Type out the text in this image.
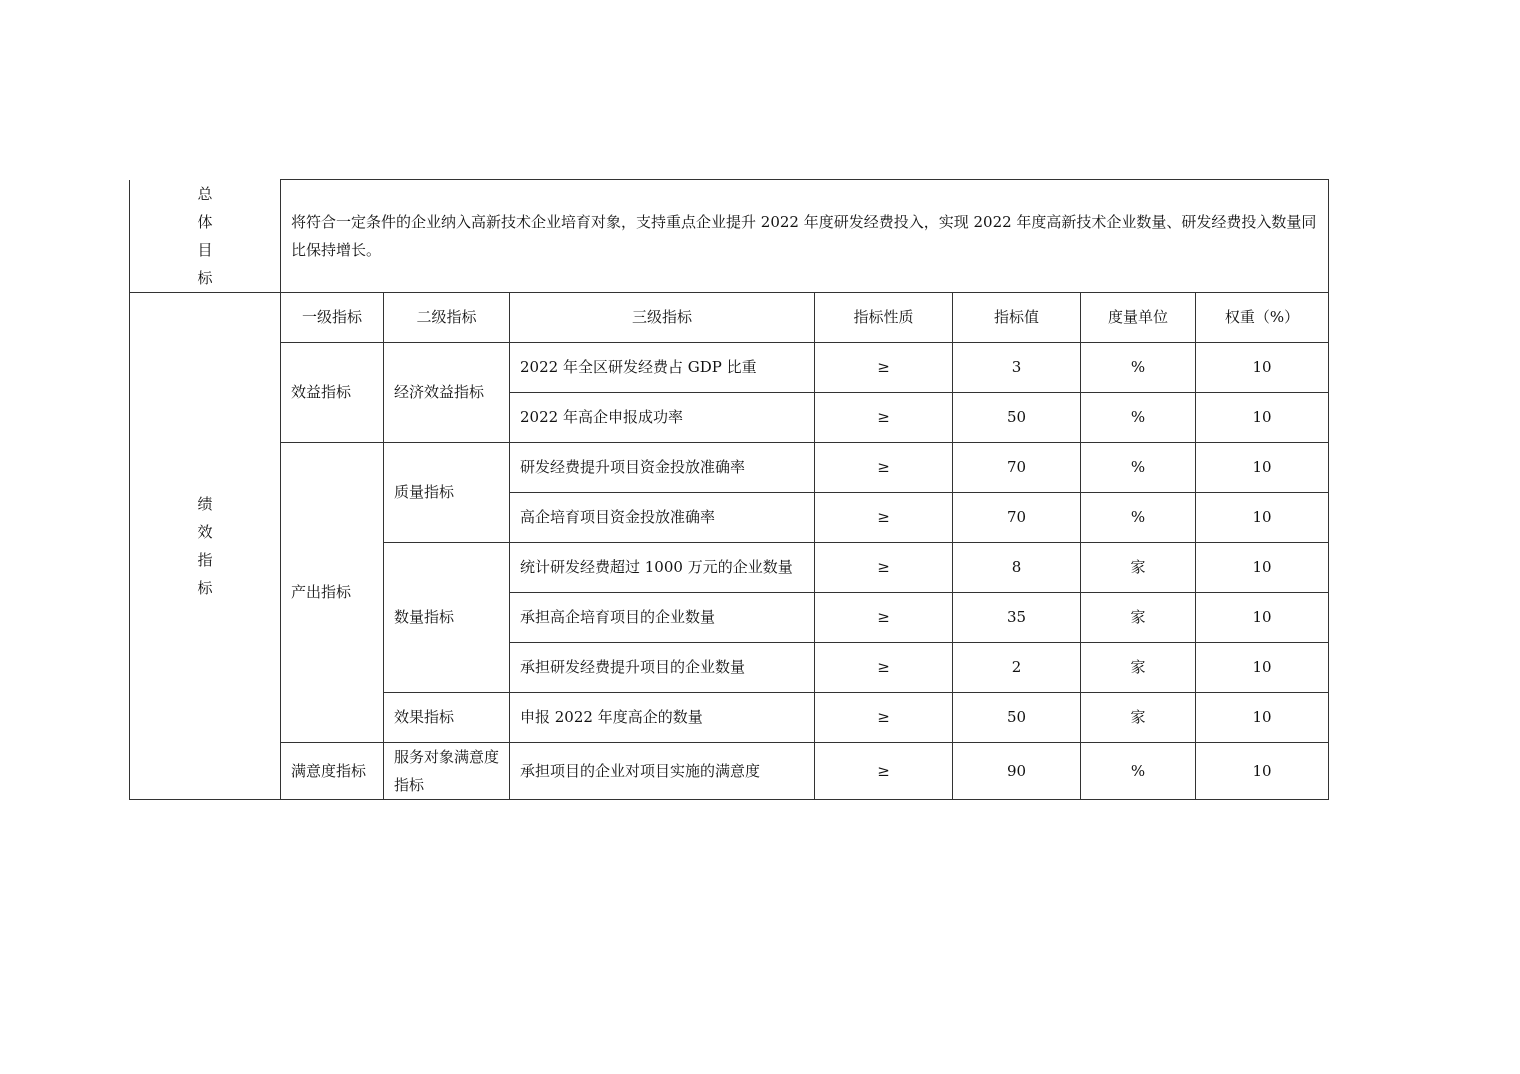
总
体
目
标	将符合一定条件的企业纳入高新技术企业培育对象，支持重点企业提升 2022 年度研发经费投入，实现 2022 年度高新技术企业数量、研发经费投入数量同比保持增长。						

绩
效
指
标	一级指标	二级指标	三级指标	指标性质	指标值	度量单位	权重（%）
	效益指标	经济效益指标	2022 年全区研发经费占 GDP 比重	≥	3	%	10
			2022 年高企申报成功率	≥	50	%	10
	产出指标	质量指标	研发经费提升项目资金投放准确率	≥	70	%	10
			高企培育项目资金投放准确率	≥	70	%	10
		数量指标	统计研发经费超过 1000 万元的企业数量	≥	8	家	10
			承担高企培育项目的企业数量	≥	35	家	10
			承担研发经费提升项目的企业数量	≥	2	家	10
		效果指标	申报 2022 年度高企的数量	≥	50	家	10
	满意度指标	服务对象满意度指标	承担项目的企业对项目实施的满意度	≥	90	%	10
